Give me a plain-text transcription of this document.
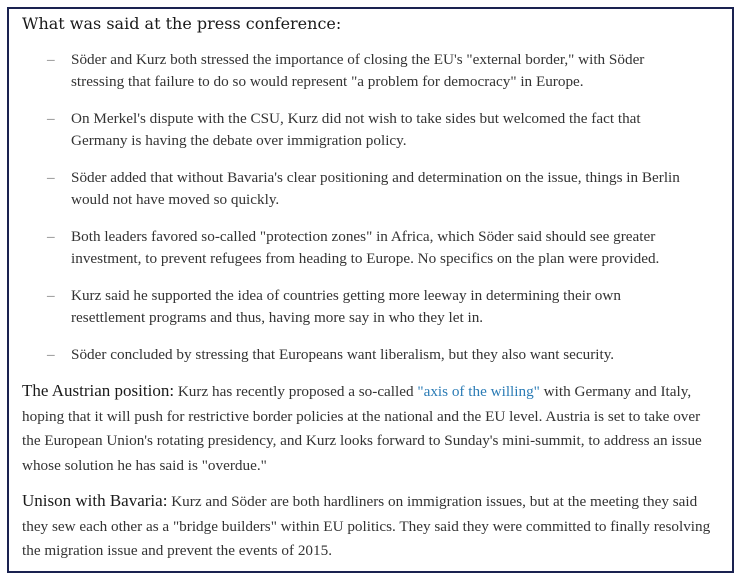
What was said at the press conference:

– Söder and Kurz both stressed the importance of closing the EU's "external border," with Söder
stressing that failure to do so would represent "a problem for democracy" in Europe.
– On Merkel's dispute with the CSU, Kurz did not wish to take sides but welcomed the fact that
Germany is having the debate over immigration policy.
– Söder added that without Bavaria's clear positioning and determination on the issue, things in Berlin
would not have moved so quickly.
– Both leaders favored so-called "protection zones" in Africa, which Söder said should see greater
investment, to prevent refugees from heading to Europe. No specifics on the plan were provided.
– Kurz said he supported the idea of countries getting more leeway in determining their own
resettlement programs and thus, having more say in who they let in.
– Söder concluded by stressing that Europeans want liberalism, but they also want security.

The Austrian position: Kurz has recently proposed a so-called "axis of the willing" with Germany and Italy, hoping that it will push for restrictive border policies at the national and the EU level. Austria is set to take over the European Union's rotating presidency, and Kurz looks forward to Sunday's mini-summit, to address an issue whose solution he has said is "overdue."

Unison with Bavaria: Kurz and Söder are both hardliners on immigration issues, but at the meeting they said they sew each other as a "bridge builders" within EU politics. They said they were committed to finally resolving the migration issue and prevent the events of 2015.
